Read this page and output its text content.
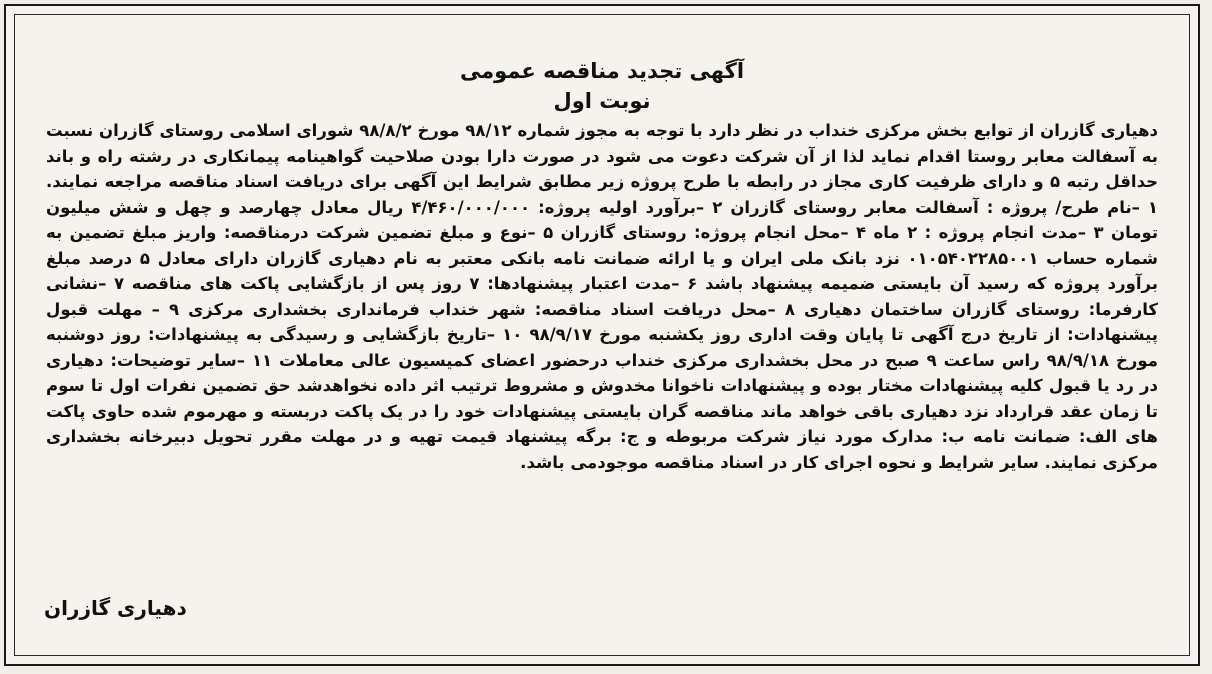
آگهی تجدید مناقصه عمومی
نوبت اول
دهیاری گازران از توابع بخش مرکزی خنداب در نظر دارد با توجه به مجوز شماره ۹۸/۱۲ مورخ ۹۸/۸/۲ شورای اسلامی روستای گازران نسبت به آسفالت معابر روستا اقدام نماید لذا از آن شرکت دعوت می شود در صورت دارا بودن صلاحیت گواهینامه پیمانکاری در رشته راه و باند حداقل رتبه ۵ و دارای ظرفیت کاری مجاز در رابطه با طرح پروژه زیر مطابق شرایط این آگهی برای دریافت اسناد مناقصه مراجعه نمایند. ۱ –نام طرح/ پروژه : آسفالت معابر روستای گازران ۲ –برآورد اولیه پروژه: ۴/۴۶۰/۰۰۰/۰۰۰ ریال معادل چهارصد و چهل و شش میلیون تومان ۳ –مدت انجام پروژه : ۲ ماه ۴ –محل انجام پروژه: روستای گازران ۵ –نوع و مبلغ تضمین شرکت درمناقصه: واریز مبلغ تضمین به شماره حساب ۰۱۰۵۴۰۲۲۸۵۰۰۱ نزد بانک ملی ایران و یا ارائه ضمانت نامه بانکی معتبر به نام دهیاری گازران دارای معادل ۵ درصد مبلغ برآورد پروژه که رسید آن بایستی ضمیمه پیشنهاد باشد ۶ –مدت اعتبار پیشنهادها: ۷ روز پس از بازگشایی پاکت های مناقصه ۷ –نشانی کارفرما: روستای گازران ساختمان دهیاری ۸ –محل دریافت اسناد مناقصه: شهر خنداب فرمانداری بخشداری مرکزی ۹ – مهلت قبول پیشنهادات: از تاریخ درج آگهی تا پایان وقت اداری روز یکشنبه مورخ ۹۸/۹/۱۷ ۱۰ –تاریخ بازگشایی و رسیدگی به پیشنهادات: روز دوشنبه مورخ ۹۸/۹/۱۸ راس ساعت ۹ صبح در محل بخشداری مرکزی خنداب درحضور اعضای کمیسیون عالی معاملات ۱۱ –سایر توضیحات: دهیاری در رد یا قبول کلیه پیشنهادات مختار بوده و پیشنهادات ناخوانا مخدوش و مشروط ترتیب اثر داده نخواهدشد حق تضمین نفرات اول تا سوم تا زمان عقد قرارداد نزد دهیاری باقی خواهد ماند مناقصه گران بایستی پیشنهادات خود را در یک پاکت دربسته و مهرموم شده حاوی پاکت های الف: ضمانت نامه ب: مدارک مورد نیاز شرکت مربوطه و ج: برگه پیشنهاد قیمت تهیه و در مهلت مقرر تحویل دبیرخانه بخشداری مرکزی نمایند. سایر شرایط و نحوه اجرای کار در اسناد مناقصه موجودمی باشد.
دهیاری گازران
